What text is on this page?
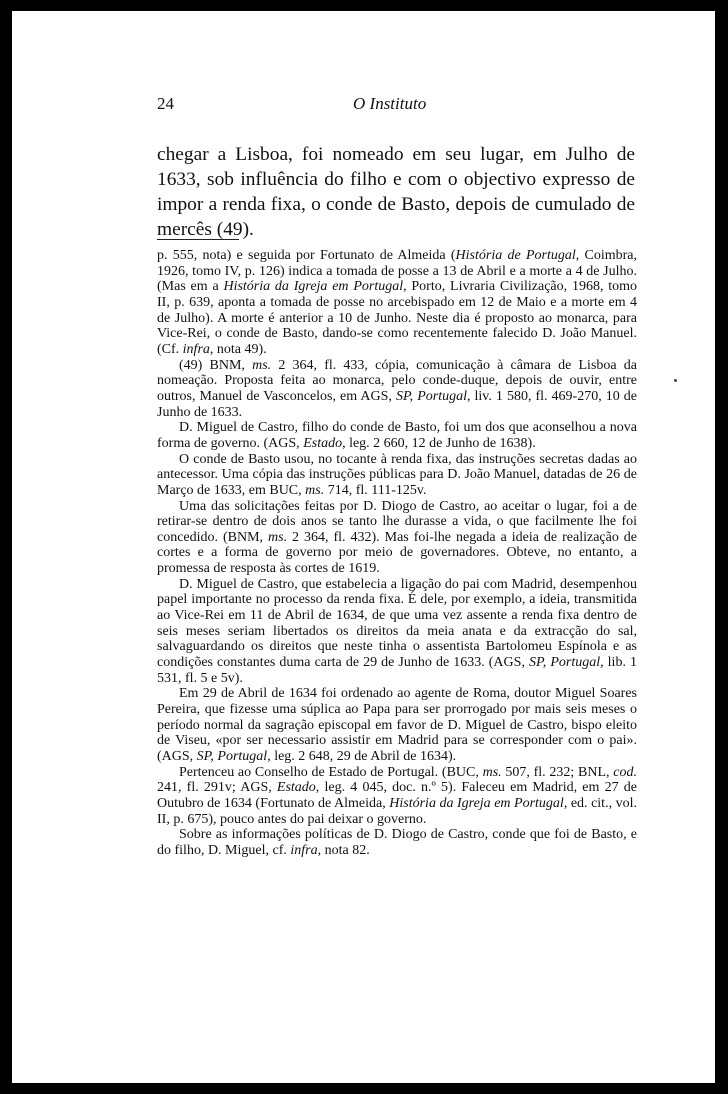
24	O Instituto

chegar a Lisboa, foi nomeado em seu lugar, em Julho de 1633, sob influência do filho e com o objectivo expresso de impor a renda fixa, o conde de Basto, depois de cumulado de mercês (49).

p. 555, nota) e seguida por Fortunato de Almeida (História de Portugal, Coimbra, 1926, tomo IV, p. 126) indica a tomada de posse a 13 de Abril e a morte a 4 de Julho. (Mas em a História da Igreja em Portugal, Porto, Livraria Civilização, 1968, tomo II, p. 639, aponta a tomada de posse no arcebispado em 12 de Maio e a morte em 4 de Julho). A morte é anterior a 10 de Junho. Neste dia é proposto ao monarca, para Vice-Rei, o conde de Basto, dando-se como recentemente falecido D. João Manuel. (Cf. infra, nota 49).

(49) BNM, ms. 2 364, fl. 433, cópia, comunicação à câmara de Lisboa da nomeação. Proposta feita ao monarca, pelo conde-duque, depois de ouvir, entre outros, Manuel de Vasconcelos, em AGS, SP, Portugal, liv. 1 580, fl. 469-270, 10 de Junho de 1633.

D. Miguel de Castro, filho do conde de Basto, foi um dos que aconselhou a nova forma de governo. (AGS, Estado, leg. 2 660, 12 de Junho de 1638).

O conde de Basto usou, no tocante à renda fixa, das instruções secretas dadas ao antecessor. Uma cópia das instruções públicas para D. João Manuel, datadas de 26 de Março de 1633, em BUC, ms. 714, fl. 111-125v.

Uma das solicitações feitas por D. Diogo de Castro, ao aceitar o lugar, foi a de retirar-se dentro de dois anos se tanto lhe durasse a vida, o que facilmente lhe foi concedido. (BNM, ms. 2 364, fl. 432). Mas foi-lhe negada a ideia de realização de cortes e a forma de governo por meio de governadores. Obteve, no entanto, a promessa de resposta às cortes de 1619.

D. Miguel de Castro, que estabelecia a ligação do pai com Madrid, desempenhou papel importante no processo da renda fixa. É dele, por exemplo, a ideia, transmitida ao Vice-Rei em 11 de Abril de 1634, de que uma vez assente a renda fixa dentro de seis meses seriam libertados os direitos da meia anata e da extracção do sal, salvaguardando os direitos que neste tinha o assentista Bartolomeu Espínola e as condições constantes duma carta de 29 de Junho de 1633. (AGS, SP, Portugal, lib. 1 531, fl. 5 e 5v).

Em 29 de Abril de 1634 foi ordenado ao agente de Roma, doutor Miguel Soares Pereira, que fizesse uma súplica ao Papa para ser prorrogado por mais seis meses o período normal da sagração episcopal em favor de D. Miguel de Castro, bispo eleito de Viseu, «por ser necessario assistir em Madrid para se corresponder com o pai». (AGS, SP, Portugal, leg. 2 648, 29 de Abril de 1634).

Pertenceu ao Conselho de Estado de Portugal. (BUC, ms. 507, fl. 232; BNL, cod. 241, fl. 291v; AGS, Estado, leg. 4 045, doc. n.º 5). Faleceu em Madrid, em 27 de Outubro de 1634 (Fortunato de Almeida, História da Igreja em Portugal, ed. cit., vol. II, p. 675), pouco antes do pai deixar o governo.

Sobre as informações políticas de D. Diogo de Castro, conde que foi de Basto, e do filho, D. Miguel, cf. infra, nota 82.
